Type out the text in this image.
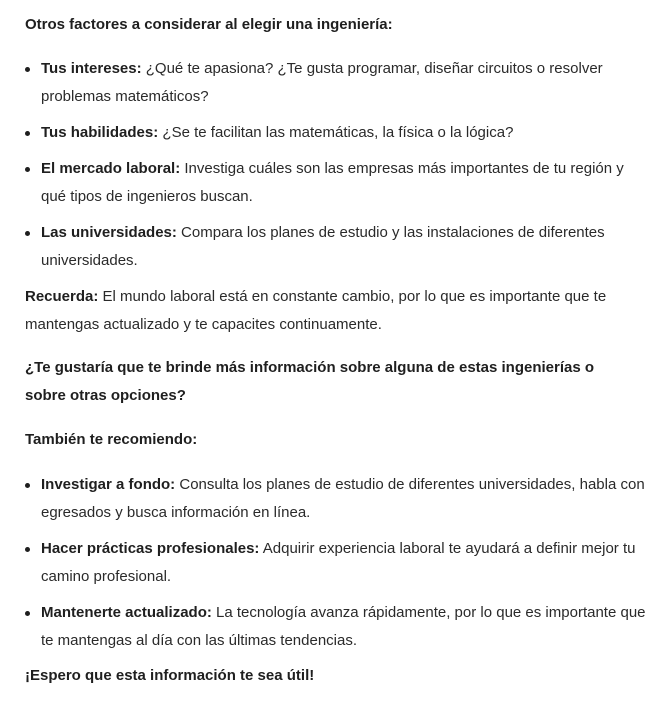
Otros factores a considerar al elegir una ingeniería:

Tus intereses: ¿Qué te apasiona? ¿Te gusta programar, diseñar circuitos o resolver problemas matemáticos?
Tus habilidades: ¿Se te facilitan las matemáticas, la física o la lógica?
El mercado laboral: Investiga cuáles son las empresas más importantes de tu región y qué tipos de ingenieros buscan.
Las universidades: Compara los planes de estudio y las instalaciones de diferentes universidades.

Recuerda: El mundo laboral está en constante cambio, por lo que es importante que te mantengas actualizado y te capacites continuamente.

¿Te gustaría que te brinde más información sobre alguna de estas ingenierías o sobre otras opciones?

También te recomiendo:

Investigar a fondo: Consulta los planes de estudio de diferentes universidades, habla con egresados y busca información en línea.
Hacer prácticas profesionales: Adquirir experiencia laboral te ayudará a definir mejor tu camino profesional.
Mantenerte actualizado: La tecnología avanza rápidamente, por lo que es importante que te mantengas al día con las últimas tendencias.

¡Espero que esta información te sea útil!
